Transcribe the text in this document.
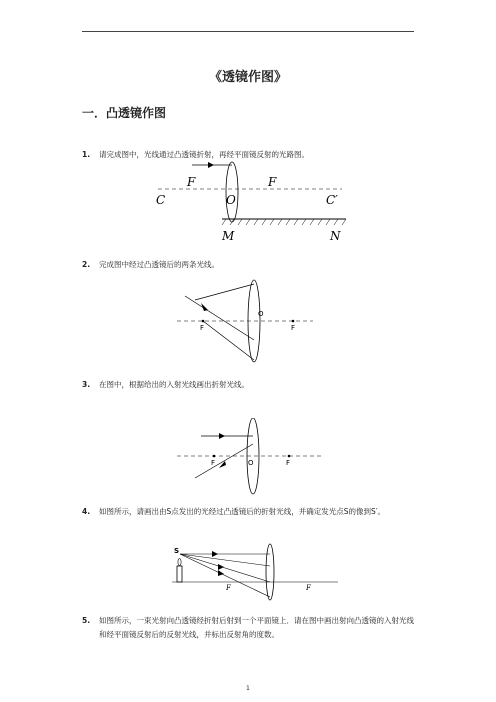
《透镜作图》
一．凸透镜作图
1. 请完成图中，光线通过凸透镜折射，再经平面镜反射的光路图。
F	F
C	O	C′
M	N
2. 完成图中经过凸透镜后的两条光线。
O
F	F
3. 在图中，根据给出的入射光线画出折射光线。
F	O	F
4. 如图所示，请画出由S点发出的光经过凸透镜后的折射光线，并确定发光点S的像到S′。
S
F	F
5. 如图所示，一束光射向凸透镜经折射后射到一个平面镜上．请在图中画出射向凸透镜的入射光线和经平面镜反射后的反射光线，并标出反射角的度数。
1
